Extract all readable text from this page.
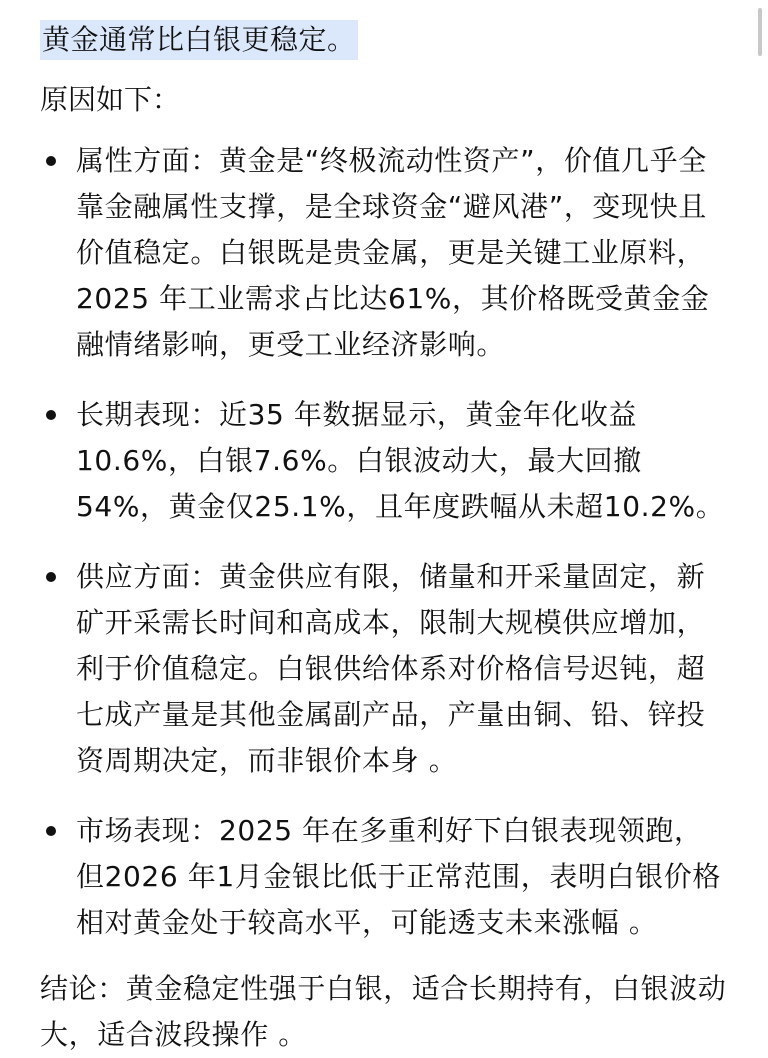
黄金通常比白银更稳定。
原因如下：
属性方面：黄金是“终极流动性资产”，价值几乎全靠金融属性支撑，是全球资金“避风港”，变现快且价值稳定。白银既是贵金属，更是关键工业原料，2025 年工业需求占比达61%，其价格既受黄金金融情绪影响，更受工业经济影响。
长期表现：近35 年数据显示，黄金年化收益10.6%，白银7.6%。白银波动大，最大回撤54%，黄金仅25.1%，且年度跌幅从未超10.2%。
供应方面：黄金供应有限，储量和开采量固定，新矿开采需长时间和高成本，限制大规模供应增加，利于价值稳定。白银供给体系对价格信号迟钝，超七成产量是其他金属副产品，产量由铜、铅、锌投资周期决定，而非银价本身 。
市场表现：2025 年在多重利好下白银表现领跑，但2026 年1月金银比低于正常范围，表明白银价格相对黄金处于较高水平，可能透支未来涨幅 。
结论：黄金稳定性强于白银，适合长期持有，白银波动大，适合波段操作 。
